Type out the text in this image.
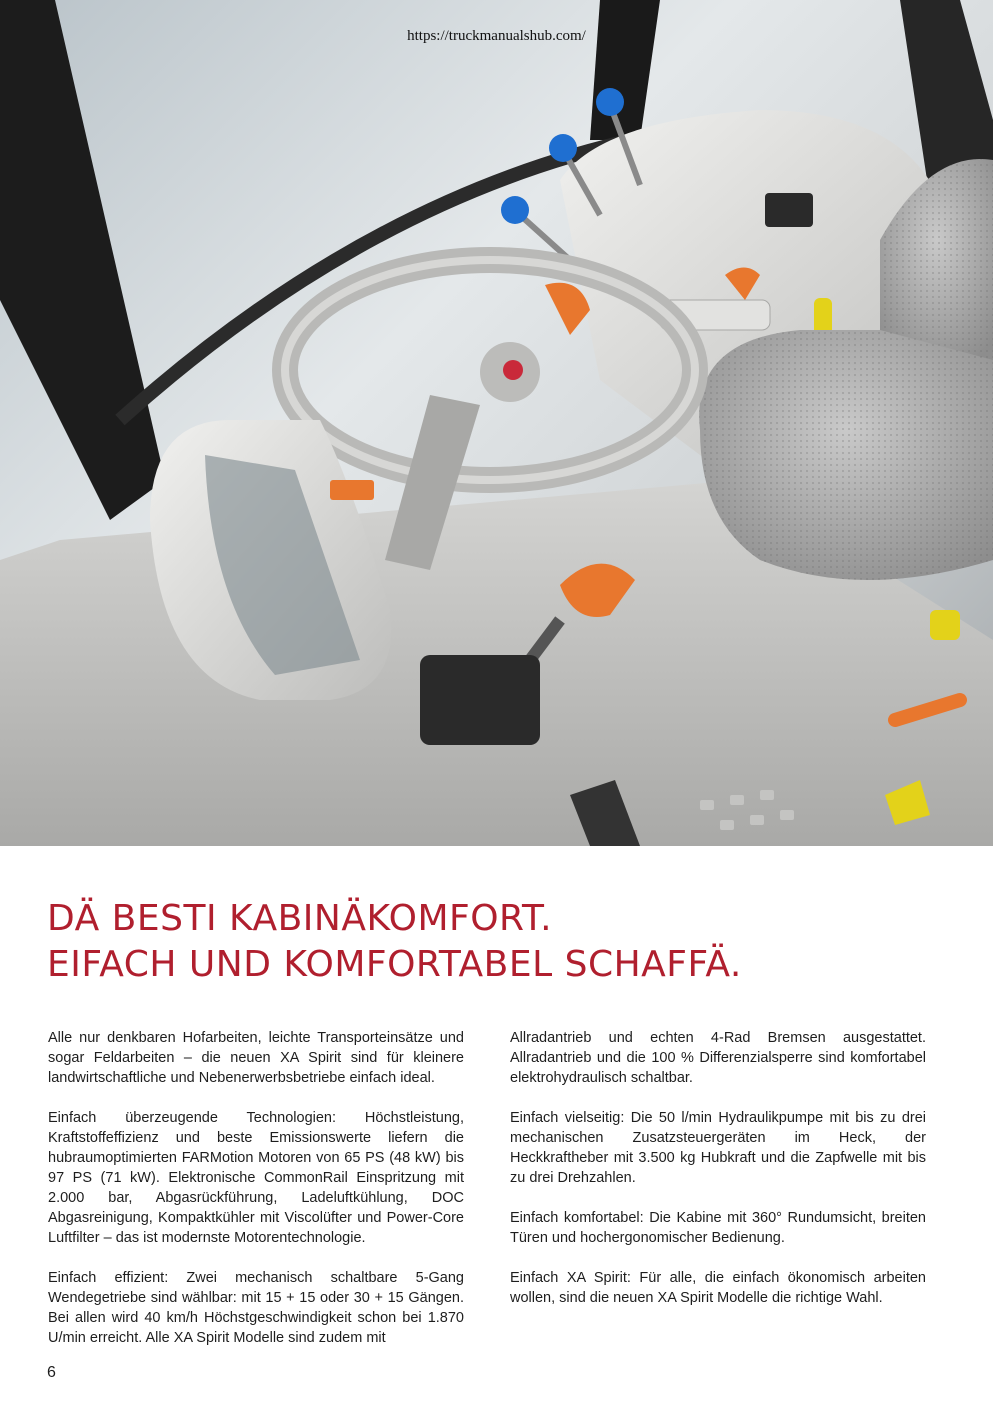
https://truckmanualshub.com/
DÄ BESTI KABINÄKOMFORT.
EIFACH UND KOMFORTABEL SCHAFFÄ.

Alle nur denkbaren Hofarbeiten, leichte Transporteinsätze und sogar Feldarbeiten – die neuen XA Spirit sind für kleinere landwirtschaftliche und Nebenerwerbsbetriebe einfach ideal.

Einfach überzeugende Technologien: Höchstleistung, Kraftstoffeffizienz und beste Emissionswerte liefern die hubraumoptimierten FARMotion Motoren von 65 PS (48 kW) bis 97 PS (71 kW). Elektronische CommonRail Einspritzung mit 2.000 bar, Abgasrückführung, Ladeluftkühlung, DOC Abgasreinigung, Kompaktkühler mit Viscolüfter und Power-Core Luftfilter – das ist modernste Motorentechnologie.

Einfach effizient: Zwei mechanisch schaltbare 5-Gang Wendegetriebe sind wählbar: mit 15 + 15 oder 30 + 15 Gängen. Bei allen wird 40 km/h Höchstgeschwindigkeit schon bei 1.870 U/min erreicht. Alle XA Spirit Modelle sind zudem mit

Allradantrieb und echten 4-Rad Bremsen ausgestattet. Allradantrieb und die 100 % Differenzialsperre sind komfortabel elektrohydraulisch schaltbar.

Einfach vielseitig: Die 50 l/min Hydraulikpumpe mit bis zu drei mechanischen Zusatzsteuergeräten im Heck, der Heckkraftheber mit 3.500 kg Hubkraft und die Zapfwelle mit bis zu drei Drehzahlen.

Einfach komfortabel: Die Kabine mit 360° Rundumsicht, breiten Türen und hochergonomischer Bedienung.

Einfach XA Spirit: Für alle, die einfach ökonomisch arbeiten wollen, sind die neuen XA Spirit Modelle die richtige Wahl.

6
